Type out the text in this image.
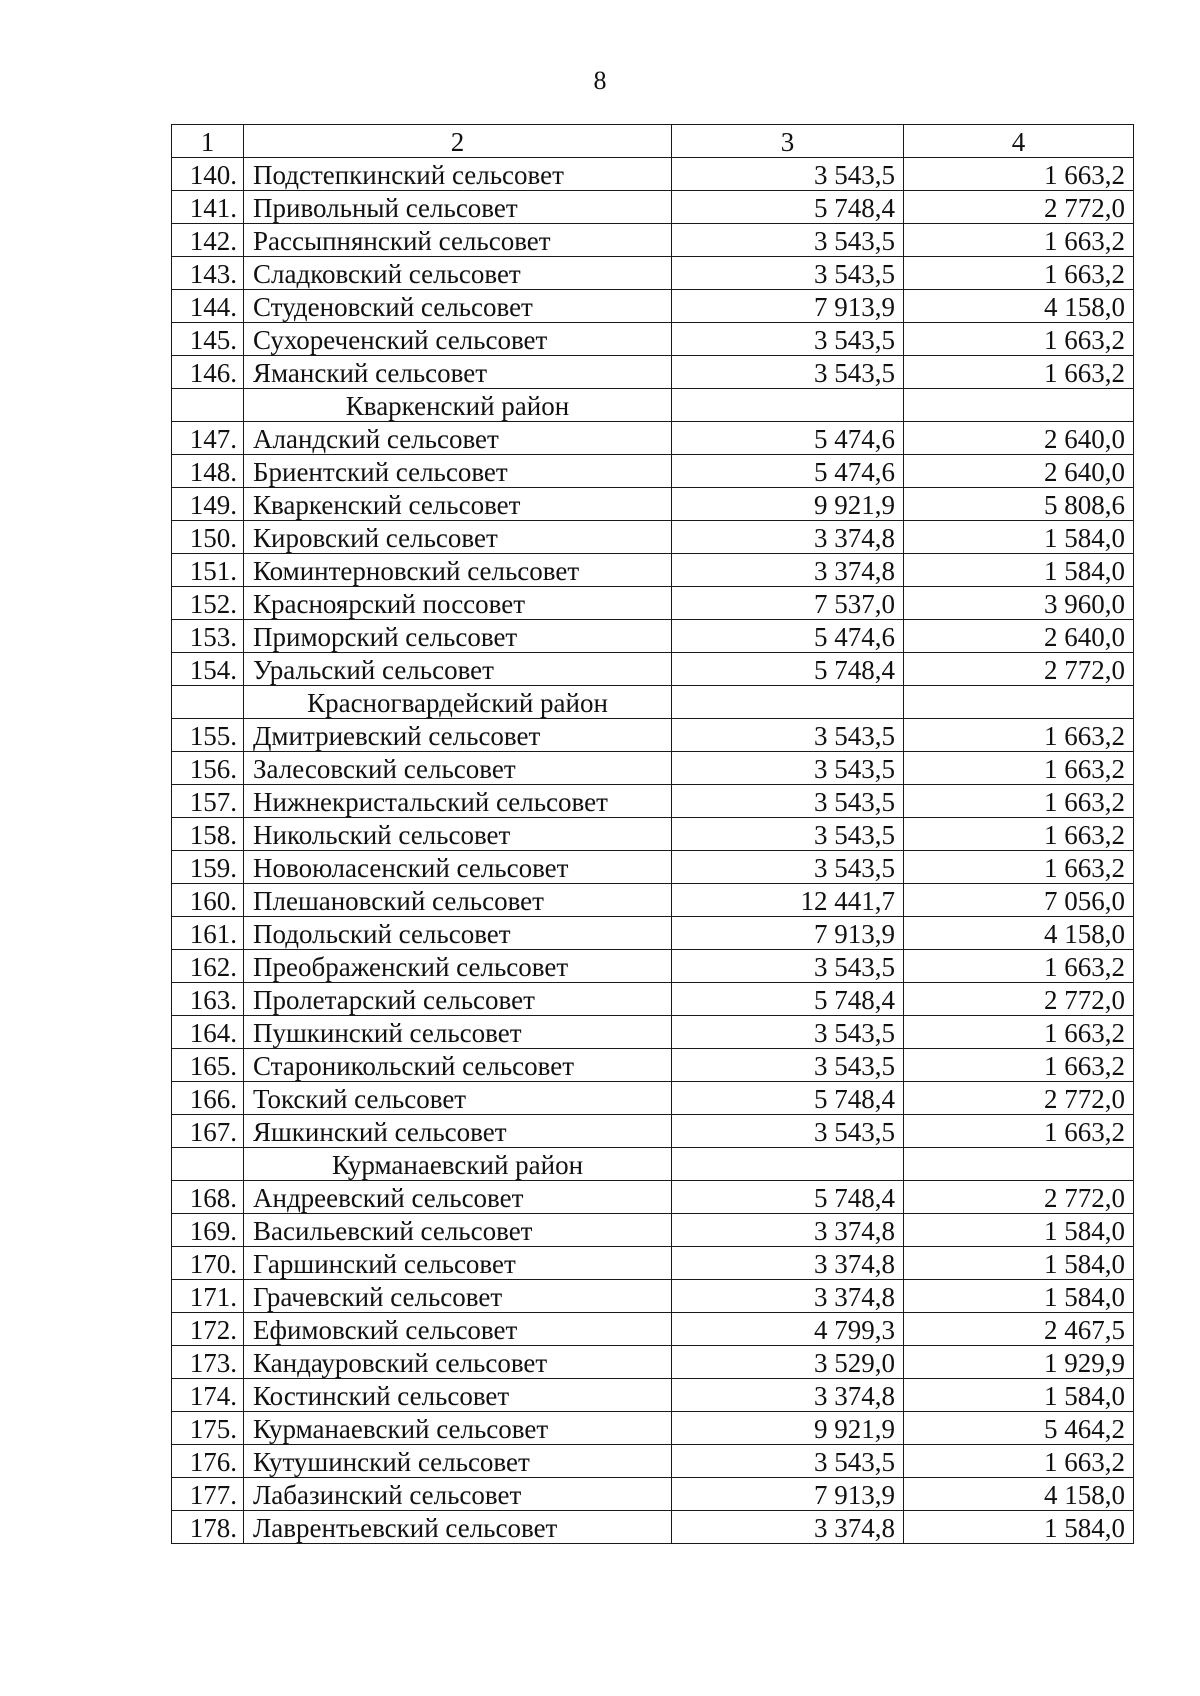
8
1	2	3	4
140.	Подстепкинский сельсовет	3 543,5	1 663,2
141.	Привольный сельсовет	5 748,4	2 772,0
142.	Рассыпнянский сельсовет	3 543,5	1 663,2
143.	Сладковский сельсовет	3 543,5	1 663,2
144.	Студеновский сельсовет	7 913,9	4 158,0
145.	Сухореченский сельсовет	3 543,5	1 663,2
146.	Яманский сельсовет	3 543,5	1 663,2
	Кваркенский район		
147.	Аландский сельсовет	5 474,6	2 640,0
148.	Бриентский сельсовет	5 474,6	2 640,0
149.	Кваркенский сельсовет	9 921,9	5 808,6
150.	Кировский сельсовет	3 374,8	1 584,0
151.	Коминтерновский сельсовет	3 374,8	1 584,0
152.	Красноярский поссовет	7 537,0	3 960,0
153.	Приморский сельсовет	5 474,6	2 640,0
154.	Уральский сельсовет	5 748,4	2 772,0
	Красногвардейский район		
155.	Дмитриевский сельсовет	3 543,5	1 663,2
156.	Залесовский сельсовет	3 543,5	1 663,2
157.	Нижнекристальский сельсовет	3 543,5	1 663,2
158.	Никольский сельсовет	3 543,5	1 663,2
159.	Новоюласенский сельсовет	3 543,5	1 663,2
160.	Плешановский сельсовет	12 441,7	7 056,0
161.	Подольский сельсовет	7 913,9	4 158,0
162.	Преображенский сельсовет	3 543,5	1 663,2
163.	Пролетарский сельсовет	5 748,4	2 772,0
164.	Пушкинский сельсовет	3 543,5	1 663,2
165.	Староникольский сельсовет	3 543,5	1 663,2
166.	Токский сельсовет	5 748,4	2 772,0
167.	Яшкинский сельсовет	3 543,5	1 663,2
	Курманаевский район		
168.	Андреевский сельсовет	5 748,4	2 772,0
169.	Васильевский сельсовет	3 374,8	1 584,0
170.	Гаршинский сельсовет	3 374,8	1 584,0
171.	Грачевский сельсовет	3 374,8	1 584,0
172.	Ефимовский сельсовет	4 799,3	2 467,5
173.	Кандауровский сельсовет	3 529,0	1 929,9
174.	Костинский сельсовет	3 374,8	1 584,0
175.	Курманаевский сельсовет	9 921,9	5 464,2
176.	Кутушинский сельсовет	3 543,5	1 663,2
177.	Лабазинский сельсовет	7 913,9	4 158,0
178.	Лаврентьевский сельсовет	3 374,8	1 584,0
